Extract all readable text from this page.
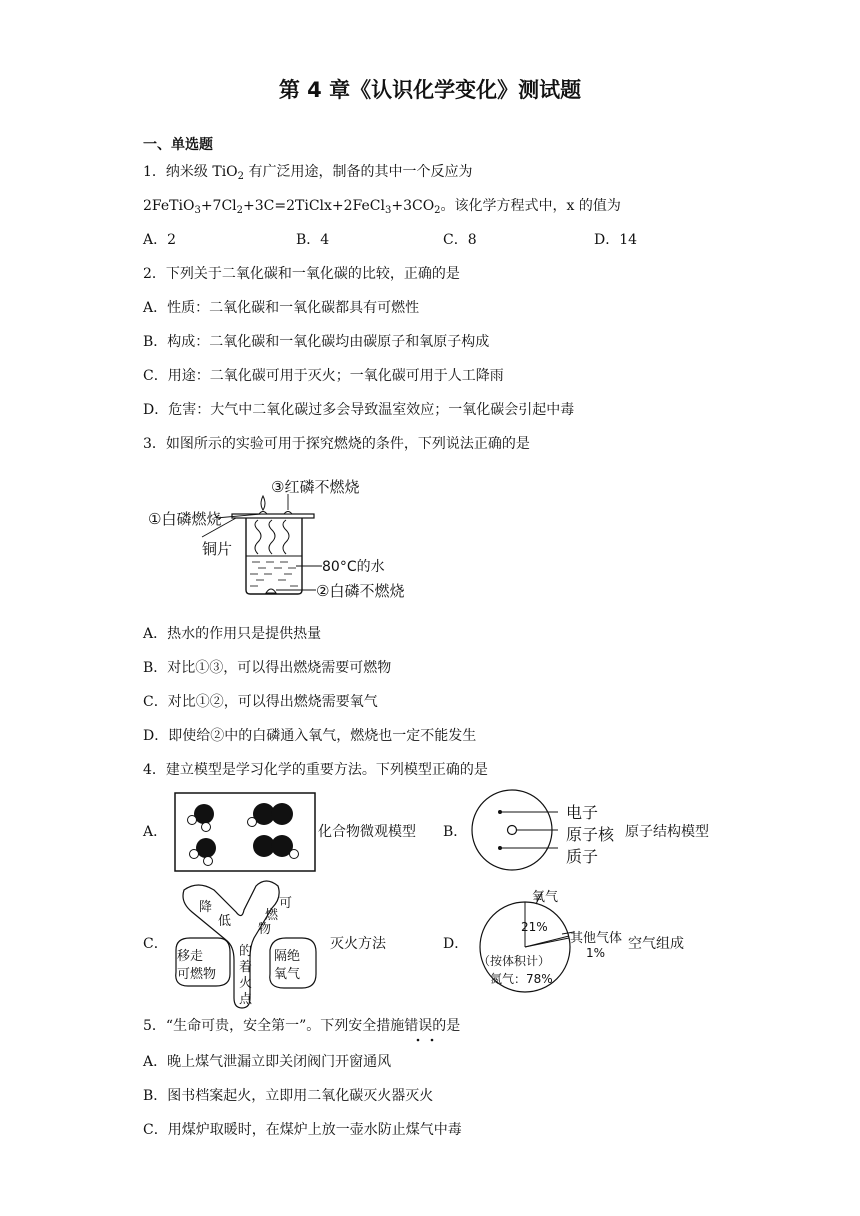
第 4 章《认识化学变化》测试题
一、单选题
1．纳米级 TiO$_2$ 有广泛用途，制备的其中一个反应为
$2FeTiO_3+7Cl_2+3C=2TiClx+2FeCl_3+3CO_2$。该化学方程式中，x 的值为
A．2	B．4	C．8	D．14
2．下列关于二氧化碳和一氧化碳的比较，正确的是
A．性质：二氧化碳和一氧化碳都具有可燃性
B．构成：二氧化碳和一氧化碳均由碳原子和氧原子构成
C．用途：二氧化碳可用于灭火；一氧化碳可用于人工降雨
D．危害：大气中二氧化碳过多会导致温室效应；一氧化碳会引起中毒
3．如图所示的实验可用于探究燃烧的条件，下列说法正确的是
①白磷燃烧
③红磷不燃烧
铜片
80°C的水
②白磷不燃烧
A．热水的作用只是提供热量
B．对比①③，可以得出燃烧需要可燃物
C．对比①②，可以得出燃烧需要氧气
D．即使给②中的白磷通入氧气，燃烧也一定不能发生
4．建立模型是学习化学的重要方法。下列模型正确的是
A．	化合物微观模型 B．
电子
原子核
质子
原子结构模型
C．
移走
可燃物
降
低
的
着
火
点
可
燃
物
隔绝
氧气
灭火方法	D．
氧气
21%
其他气体
1%
（按体积计）
氮气：78%
空气组成
5．“生命可贵，安全第一”。下列安全措施错误的是
A．晚上煤气泄漏立即关闭阀门开窗通风
B．图书档案起火，立即用二氧化碳灭火器灭火
C．用煤炉取暖时，在煤炉上放一壶水防止煤气中毒
